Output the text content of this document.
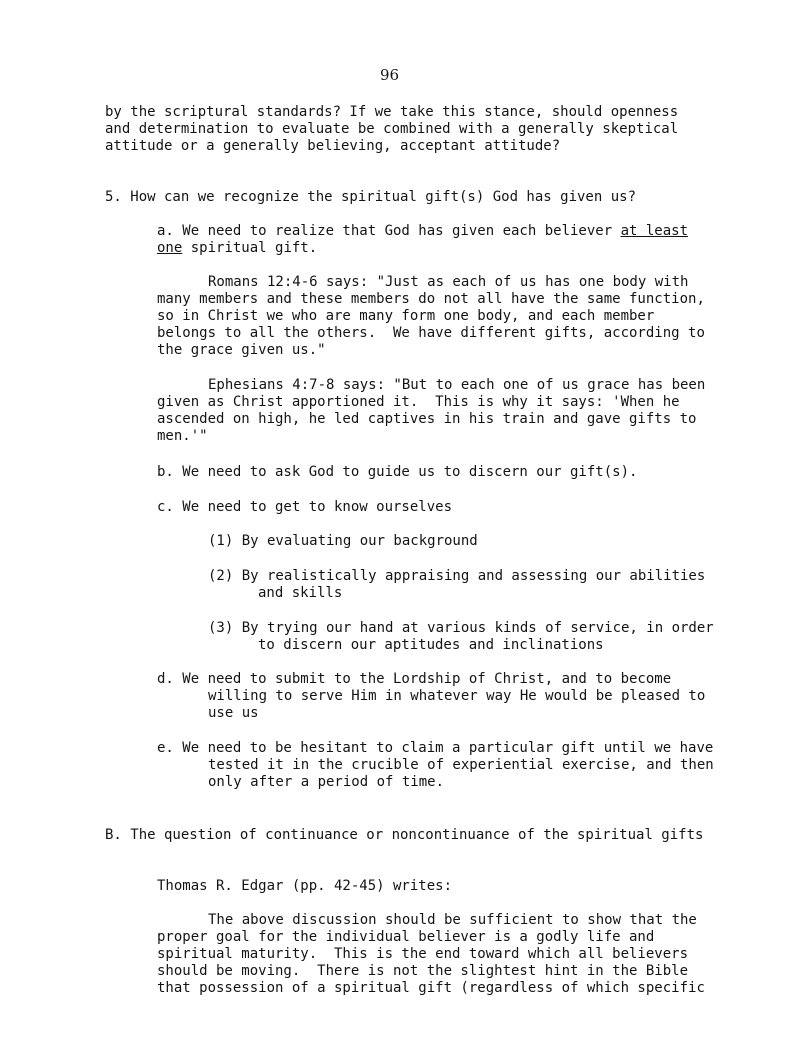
96
by the scriptural standards? If we take this stance, should openness
and determination to evaluate be combined with a generally skeptical
attitude or a generally believing, acceptant attitude?
5. How can we recognize the spiritual gift(s) God has given us?
a. We need to realize that God has given each believer at least
one spiritual gift.
Romans 12:4-6 says: "Just as each of us has one body with
many members and these members do not all have the same function,
so in Christ we who are many form one body, and each member
belongs to all the others.  We have different gifts, according to
the grace given us."
Ephesians 4:7-8 says: "But to each one of us grace has been
given as Christ apportioned it.  This is why it says: 'When he
ascended on high, he led captives in his train and gave gifts to
men.'"
b. We need to ask God to guide us to discern our gift(s).
c. We need to get to know ourselves
(1) By evaluating our background
(2) By realistically appraising and assessing our abilities
and skills
(3) By trying our hand at various kinds of service, in order
to discern our aptitudes and inclinations
d. We need to submit to the Lordship of Christ, and to become
willing to serve Him in whatever way He would be pleased to
use us
e. We need to be hesitant to claim a particular gift until we have
tested it in the crucible of experiential exercise, and then
only after a period of time.
B. The question of continuance or noncontinuance of the spiritual gifts
Thomas R. Edgar (pp. 42-45) writes:
The above discussion should be sufficient to show that the
proper goal for the individual believer is a godly life and
spiritual maturity.  This is the end toward which all believers
should be moving.  There is not the slightest hint in the Bible
that possession of a spiritual gift (regardless of which specific
